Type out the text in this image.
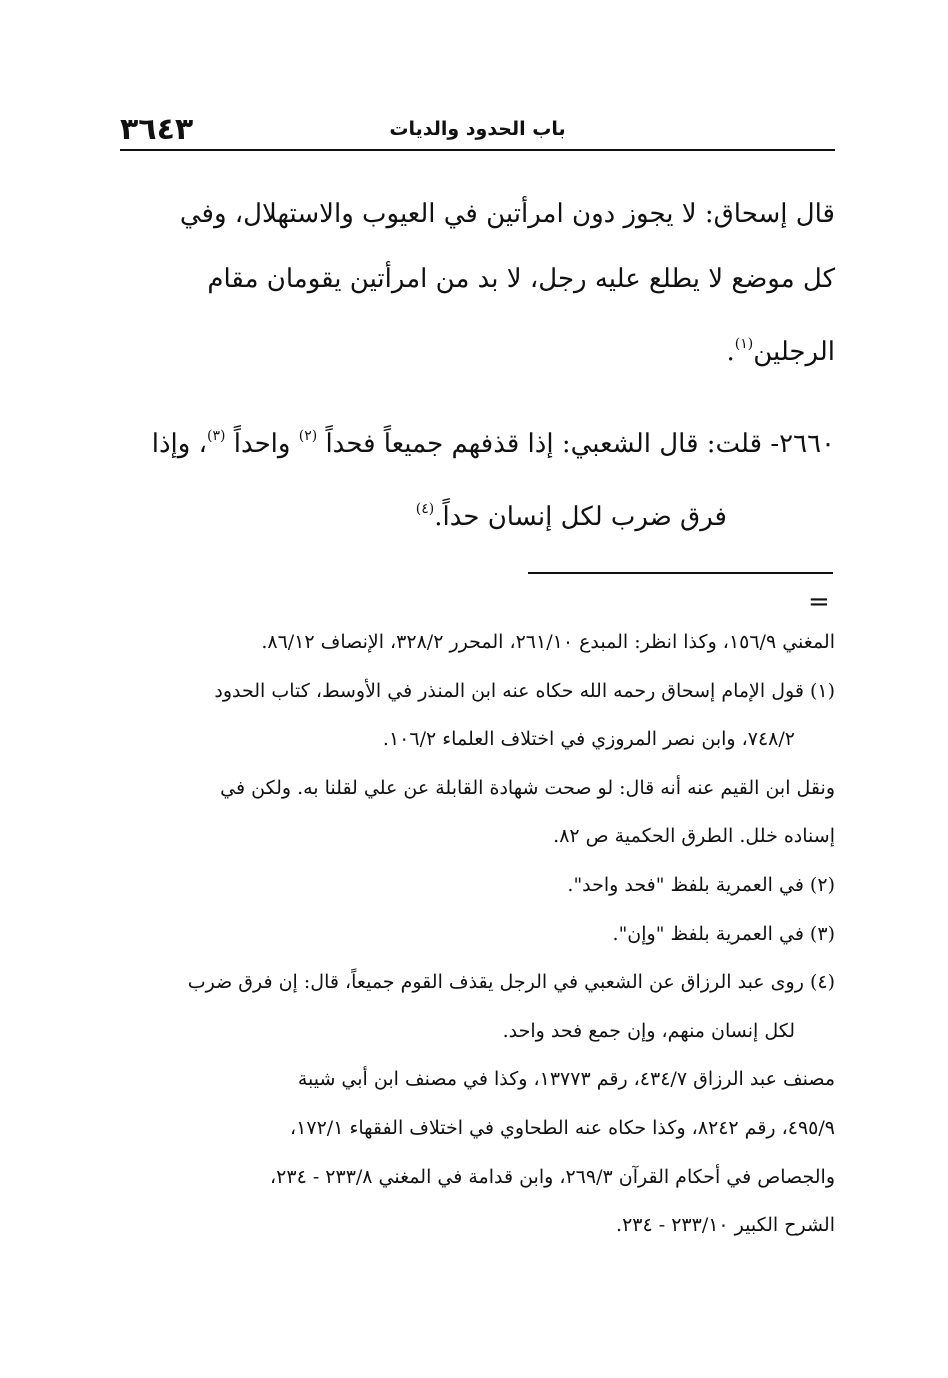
٣٦٤٣	باب الحدود والديات
قال إسحاق: لا يجوز دون امرأتين في العيوب والاستهلال، وفي
كل موضع لا يطلع عليه رجل، لا بد من امرأتين يقومان مقام
الرجلين$^{(١)}$.
٢٦٦٠- قلت: قال الشعبي: إذا قذفهم جميعاً فحداً $^{(٢)}$ واحداً $^{(٣)}$، وإذا
فرق ضرب لكل إنسان حداً.$^{(٤)}$
=
المغني ١٥٦/٩، وكذا انظر: المبدع ٢٦١/١٠، المحرر ٣٢٨/٢، الإنصاف ٨٦/١٢.
(١) قول الإمام إسحاق رحمه الله حكاه عنه ابن المنذر في الأوسط، كتاب الحدود
٧٤٨/٢، وابن نصر المروزي في اختلاف العلماء ١٠٦/٢.
ونقل ابن القيم عنه أنه قال: لو صحت شهادة القابلة عن علي لقلنا به. ولكن في
إسناده خلل. الطرق الحكمية ص ٨٢.
(٢) في العمرية بلفظ "فحد واحد".
(٣) في العمرية بلفظ "وإن".
(٤) روى عبد الرزاق عن الشعبي في الرجل يقذف القوم جميعاً، قال: إن فرق ضرب
لكل إنسان منهم، وإن جمع فحد واحد.
مصنف عبد الرزاق ٤٣٤/٧، رقم ١٣٧٧٣، وكذا في مصنف ابن أبي شيبة
٤٩٥/٩، رقم ٨٢٤٢، وكذا حكاه عنه الطحاوي في اختلاف الفقهاء ١٧٢/١،
والجصاص في أحكام القرآن ٢٦٩/٣، وابن قدامة في المغني ٢٣٣/٨ - ٢٣٤،
الشرح الكبير ٢٣٣/١٠ - ٢٣٤.
